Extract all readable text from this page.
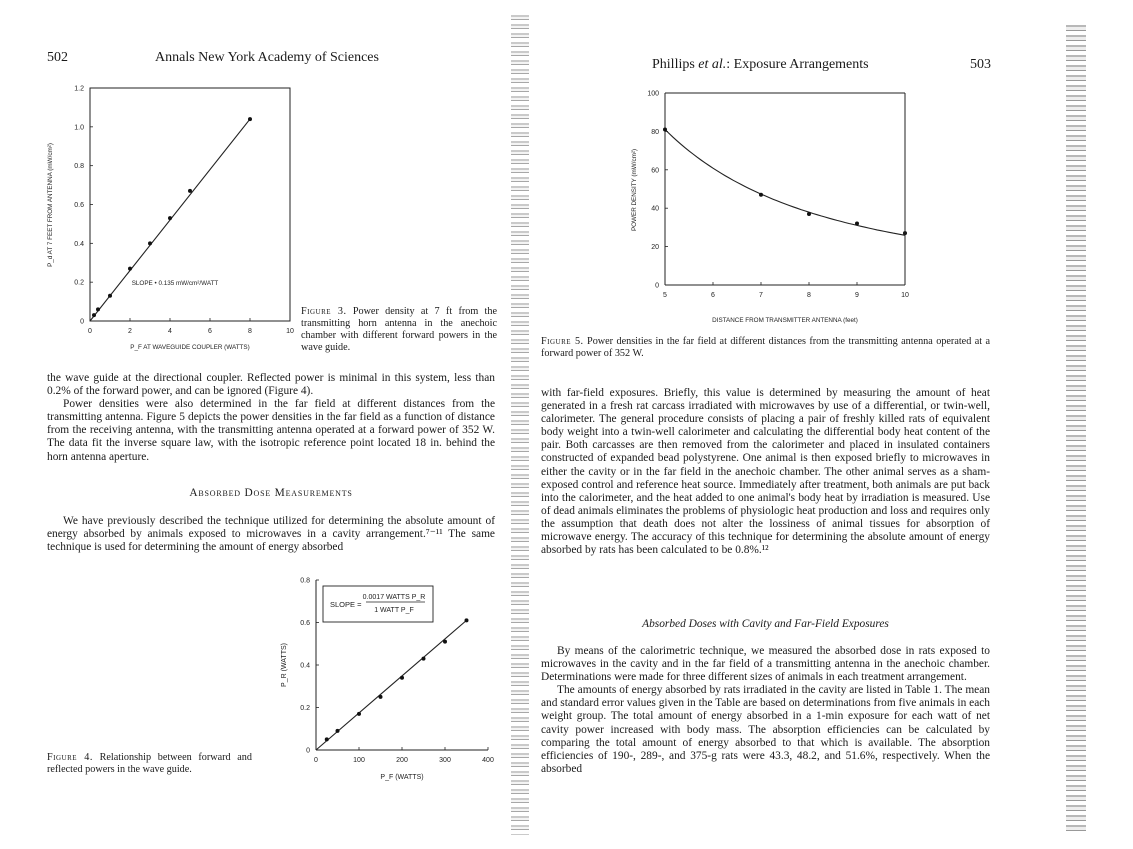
502	Annals New York Academy of Sciences
0	2	4	6	8	10
0
0.2
0.4
0.6
0.8
1.0
1.2
SLOPE • 0.135 mW/cm²/WATT
P_d AT 7 FEET FROM ANTENNA (mW/cm²)
P_F AT WAVEGUIDE COUPLER (WATTS)
Figure 3. Power density at 7 ft from the transmitting horn antenna in the anechoic chamber with different forward powers in the wave guide.

the wave guide at the directional coupler. Reflected power is minimal in this system, less than 0.2% of the forward power, and can be ignored (Figure 4).

Power densities were also determined in the far field at different distances from the transmitting antenna. Figure 5 depicts the power densities in the far field as a function of distance from the receiving antenna, with the transmitting antenna operated at a forward power of 352 W. The data fit the inverse square law, with the isotropic reference point located 18 in. behind the horn antenna aperture.

Absorbed Dose Measurements

We have previously described the technique utilized for determining the absolute amount of energy absorbed by animals exposed to microwaves in a cavity arrangement.⁷⁻¹¹ The same technique is used for determining the amount of energy absorbed

0	100	200	300	400
0
0.2
0.4
0.6
0.8
SLOPE =
0.0017 WATTS P_R
1 WATT P_F
P_R (WATTS)
P_F (WATTS)
Figure 4. Relationship between forward and reflected powers in the wave guide.
Phillips et al.: Exposure Arrangements	503
5	6	7	8	9	10
0
20
40
60
80
100
POWER DENSITY (mW/cm²)
DISTANCE FROM TRANSMITTER ANTENNA (feet)
Figure 5. Power densities in the far field at different distances from the transmitting antenna operated at a forward power of 352 W.

with far-field exposures. Briefly, this value is determined by measuring the amount of heat generated in a fresh rat carcass irradiated with microwaves by use of a differential, or twin-well, calorimeter. The general procedure consists of placing a pair of freshly killed rats of equivalent body weight into a twin-well calorimeter and calculating the differential body heat content of the pair. Both carcasses are then removed from the calorimeter and placed in insulated containers constructed of expanded bead polystyrene. One animal is then exposed briefly to microwaves in either the cavity or in the far field in the anechoic chamber. The other animal serves as a sham-exposed control and reference heat source. Immediately after treatment, both animals are put back into the calorimeter, and the heat added to one animal's body heat by irradiation is measured. Use of dead animals eliminates the problems of physiologic heat production and loss and requires only the assumption that death does not alter the lossiness of animal tissues for absorption of microwave energy. The accuracy of this technique for determining the absolute amount of energy absorbed by rats has been calculated to be 0.8%.¹²

Absorbed Doses with Cavity and Far-Field Exposures

By means of the calorimetric technique, we measured the absorbed dose in rats exposed to microwaves in the cavity and in the far field of a transmitting antenna in the anechoic chamber. Determinations were made for three different sizes of animals in each treatment arrangement.

The amounts of energy absorbed by rats irradiated in the cavity are listed in Table 1. The mean and standard error values given in the Table are based on determinations from five animals in each weight group. The total amount of energy absorbed in a 1-min exposure for each watt of net cavity power increased with body mass. The absorption efficiencies can be calculated by comparing the total amount of energy absorbed to that which is available. The absorption efficiencies of 190-, 289-, and 375-g rats were 43.3, 48.2, and 51.6%, respectively. When the absorbed
